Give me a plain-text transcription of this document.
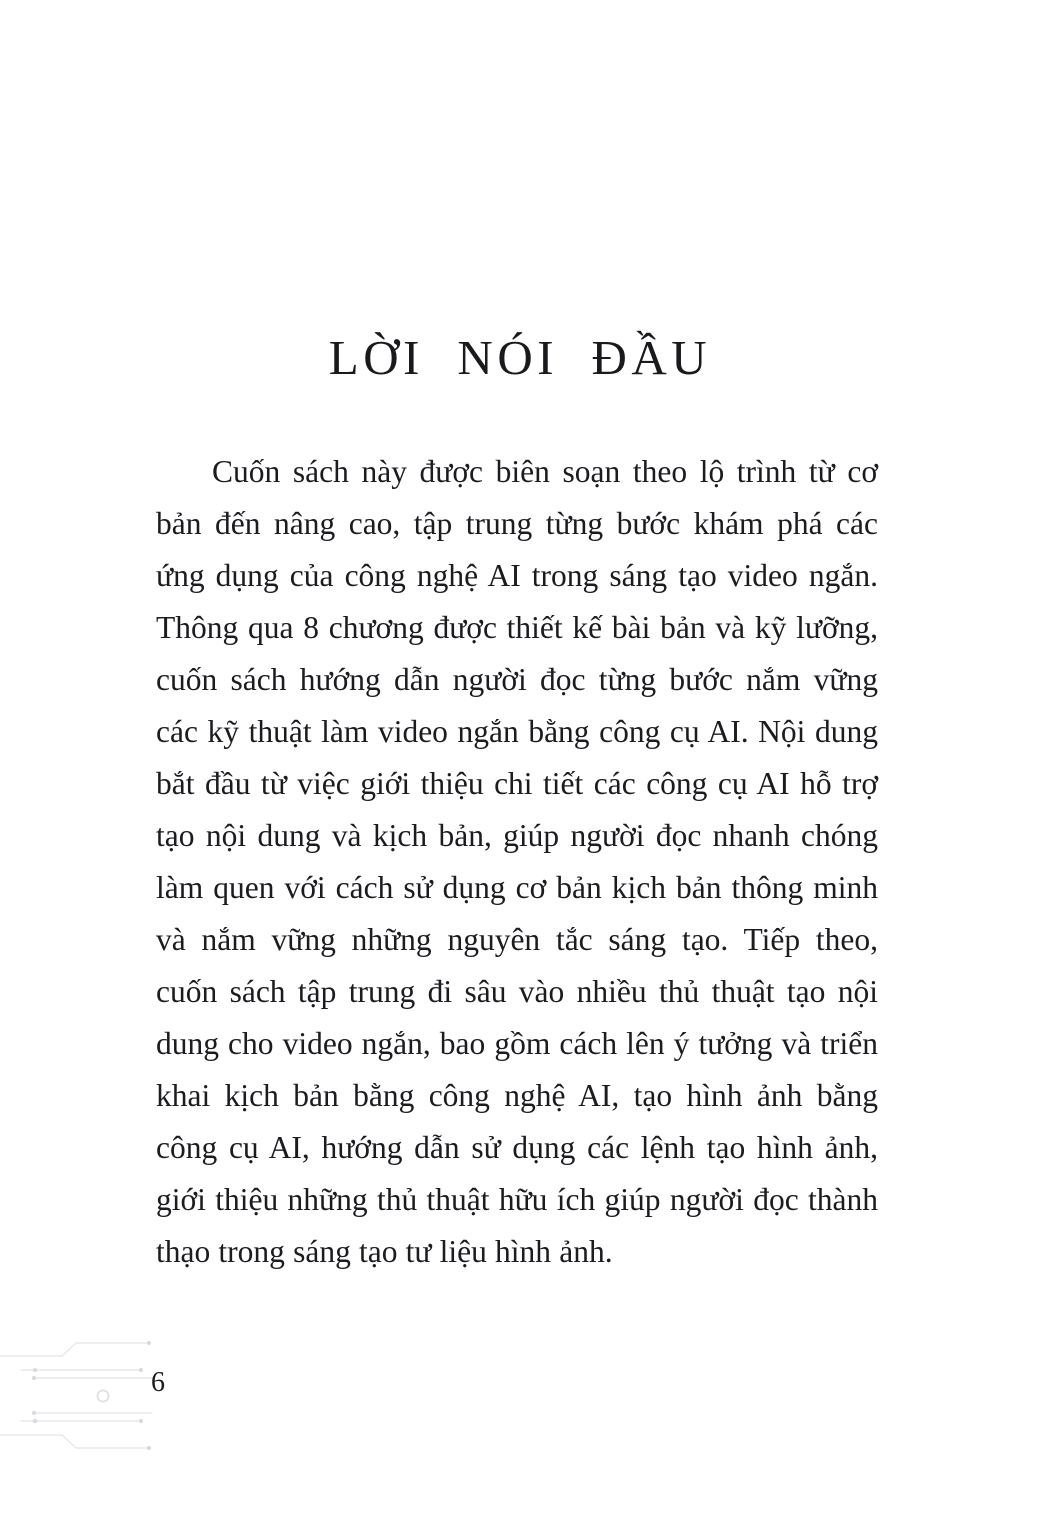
LỜI  NÓI  ĐẦU

Cuốn sách này được biên soạn theo lộ trình từ cơ bản đến nâng cao, tập trung từng bước khám phá các ứng dụng của công nghệ AI trong sáng tạo video ngắn. Thông qua 8 chương được thiết kế bài bản và kỹ lưỡng, cuốn sách hướng dẫn người đọc từng bước nắm vững các kỹ thuật làm video ngắn bằng công cụ AI. Nội dung bắt đầu từ việc giới thiệu chi tiết các công cụ AI hỗ trợ tạo nội dung và kịch bản, giúp người đọc nhanh chóng làm quen với cách sử dụng cơ bản kịch bản thông minh và nắm vững những nguyên tắc sáng tạo. Tiếp theo, cuốn sách tập trung đi sâu vào nhiều thủ thuật tạo nội dung cho video ngắn, bao gồm cách lên ý tưởng và triển khai kịch bản bằng công nghệ AI, tạo hình ảnh bằng công cụ AI, hướng dẫn sử dụng các lệnh tạo hình ảnh, giới thiệu những thủ thuật hữu ích giúp người đọc thành thạo trong sáng tạo tư liệu hình ảnh.

6
